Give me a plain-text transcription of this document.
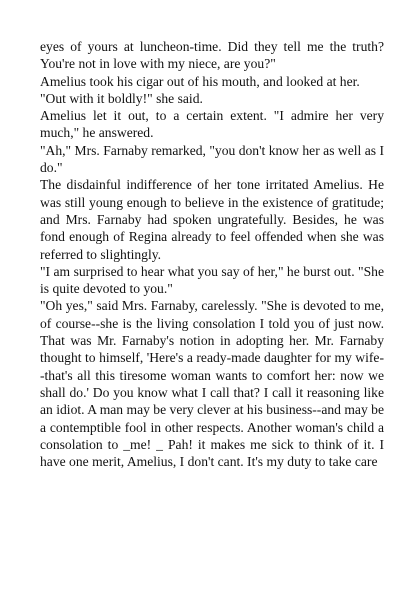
eyes of yours at luncheon-time. Did they tell me the truth? You're not in love with my niece, are you?"

Amelius took his cigar out of his mouth, and looked at her.

"Out with it boldly!" she said.

Amelius let it out, to a certain extent. "I admire her very much," he answered.

"Ah," Mrs. Farnaby remarked, "you don't know her as well as I do."

The disdainful indifference of her tone irritated Amelius. He was still young enough to believe in the existence of gratitude; and Mrs. Farnaby had spoken ungratefully. Besides, he was fond enough of Regina already to feel offended when she was referred to slightingly.

"I am surprised to hear what you say of her," he burst out. "She is quite devoted to you."

"Oh yes," said Mrs. Farnaby, carelessly. "She is devoted to me, of course--she is the living consolation I told you of just now. That was Mr. Farnaby's notion in adopting her. Mr. Farnaby thought to himself, 'Here's a ready-made daughter for my wife--that's all this tiresome woman wants to comfort her: now we shall do.' Do you know what I call that? I call it reasoning like an idiot. A man may be very clever at his business--and may be a contemptible fool in other respects. Another woman's child a consolation to _me! _ Pah! it makes me sick to think of it. I have one merit, Amelius, I don't cant. It's my duty to take care
